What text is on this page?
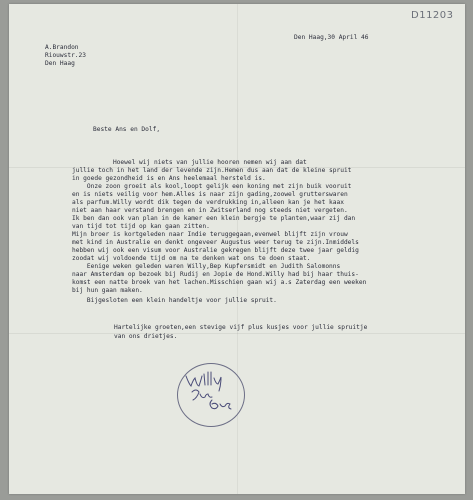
D11203
A.Brandon
Riouwstr.23
Den Haag
Den Haag,30 April 46
Beste Ans en Dolf,
Hoewel wij niets van jullie hooren nemen wij aan dat
jullie toch in het land der levende zijn.Hemen dus aan dat de kleine spruit
in goede gezondheid is en Ans heelemaal hersteld is.
Onze zoon groeit als kool,loopt gelijk een koning met zijn buik vooruit
en is niets veilig voor hem.Alles is naar zijn gading,zoowel grutterswaren
als parfum.Willy wordt dik tegen de verdrukking in,alleen kan je het kaax
niet aan haar verstand brengen en in Zwitserland nog steeds niet vergeten.
Ik ben dan ook van plan in de kamer een klein bergje te planten,waar zij dan
van tijd tot tijd op kan gaan zitten.
Mijn broer is kortgeleden naar Indie teruggegaan,evenwel blijft zijn vrouw
met kind in Australie en denkt ongeveer Augustus weer terug te zijn.Inmiddels
hebben wij ook een visum voor Australie gekregen blijft deze twee jaar geldig
zoodat wij voldoende tijd om na te denken wat ons te doen staat.
Eenige weken geleden waren Willy,Bep Kupfersmidt en Judith Salomonns
naar Amsterdam op bezoek bij Rudij en Jopie de Hond.Willy had bij haar thuis-
komst een natte broek van het lachen.Misschien gaan wij a.s Zaterdag een weeken
bij hun gaan maken.
Bijgesloten een klein handeltje voor jullie spruit.
Hartelijke groeten,een stevige vijf plus kusjes voor jullie spruitje
van ons drietjes.
